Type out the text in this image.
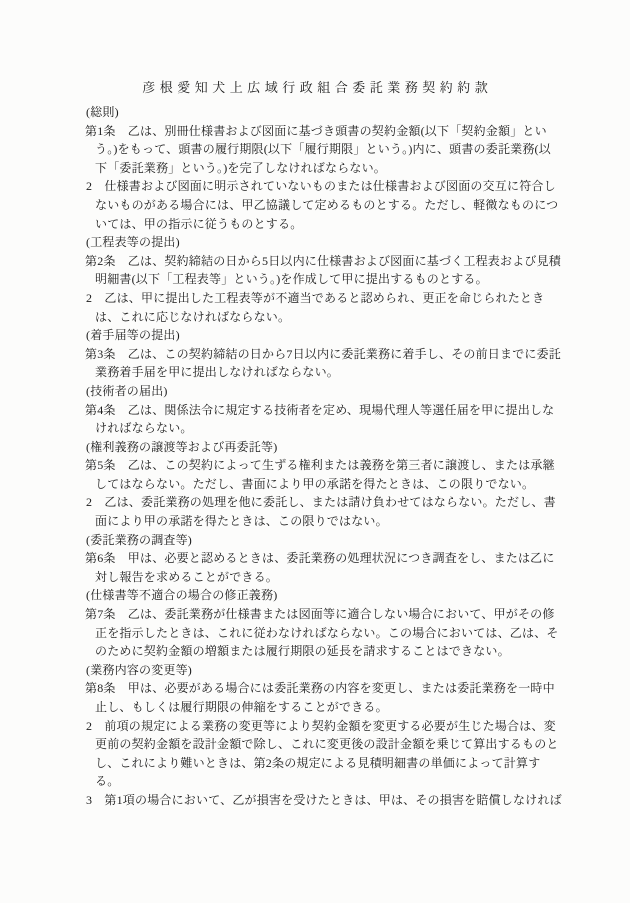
彦根愛知犬上広域行政組合委託業務契約約款
(総則)
第1条　乙は、別冊仕様書および図面に基づき頭書の契約金額(以下「契約金額」とい
う。)をもって、頭書の履行期限(以下「履行期限」という。)内に、頭書の委託業務(以
下「委託業務」という。)を完了しなければならない。
2　仕様書および図面に明示されていないものまたは仕様書および図面の交互に符合し
ないものがある場合には、甲乙協議して定めるものとする。ただし、軽微なものにつ
いては、甲の指示に従うものとする。
(工程表等の提出)
第2条　乙は、契約締結の日から5日以内に仕様書および図面に基づく工程表および見積
明細書(以下「工程表等」という。)を作成して甲に提出するものとする。
2　乙は、甲に提出した工程表等が不適当であると認められ、更正を命じられたとき
は、これに応じなければならない。
(着手届等の提出)
第3条　乙は、この契約締結の日から7日以内に委託業務に着手し、その前日までに委託
業務着手届を甲に提出しなければならない。
(技術者の届出)
第4条　乙は、関係法令に規定する技術者を定め、現場代理人等選任届を甲に提出しな
ければならない。
(権利義務の譲渡等および再委託等)
第5条　乙は、この契約によって生ずる権利または義務を第三者に譲渡し、または承継
してはならない。ただし、書面により甲の承諾を得たときは、この限りでない。
2　乙は、委託業務の処理を他に委託し、または請け負わせてはならない。ただし、書
面により甲の承諾を得たときは、この限りではない。
(委託業務の調査等)
第6条　甲は、必要と認めるときは、委託業務の処理状況につき調査をし、または乙に
対し報告を求めることができる。
(仕様書等不適合の場合の修正義務)
第7条　乙は、委託業務が仕様書または図面等に適合しない場合において、甲がその修
正を指示したときは、これに従わなければならない。この場合においては、乙は、そ
のために契約金額の増額または履行期限の延長を請求することはできない。
(業務内容の変更等)
第8条　甲は、必要がある場合には委託業務の内容を変更し、または委託業務を一時中
止し、もしくは履行期限の伸縮をすることができる。
2　前項の規定による業務の変更等により契約金額を変更する必要が生じた場合は、変
更前の契約金額を設計金額で除し、これに変更後の設計金額を乗じて算出するものと
し、これにより難いときは、第2条の規定による見積明細書の単価によって計算す
る。
3　第1項の場合において、乙が損害を受けたときは、甲は、その損害を賠償しなければ
